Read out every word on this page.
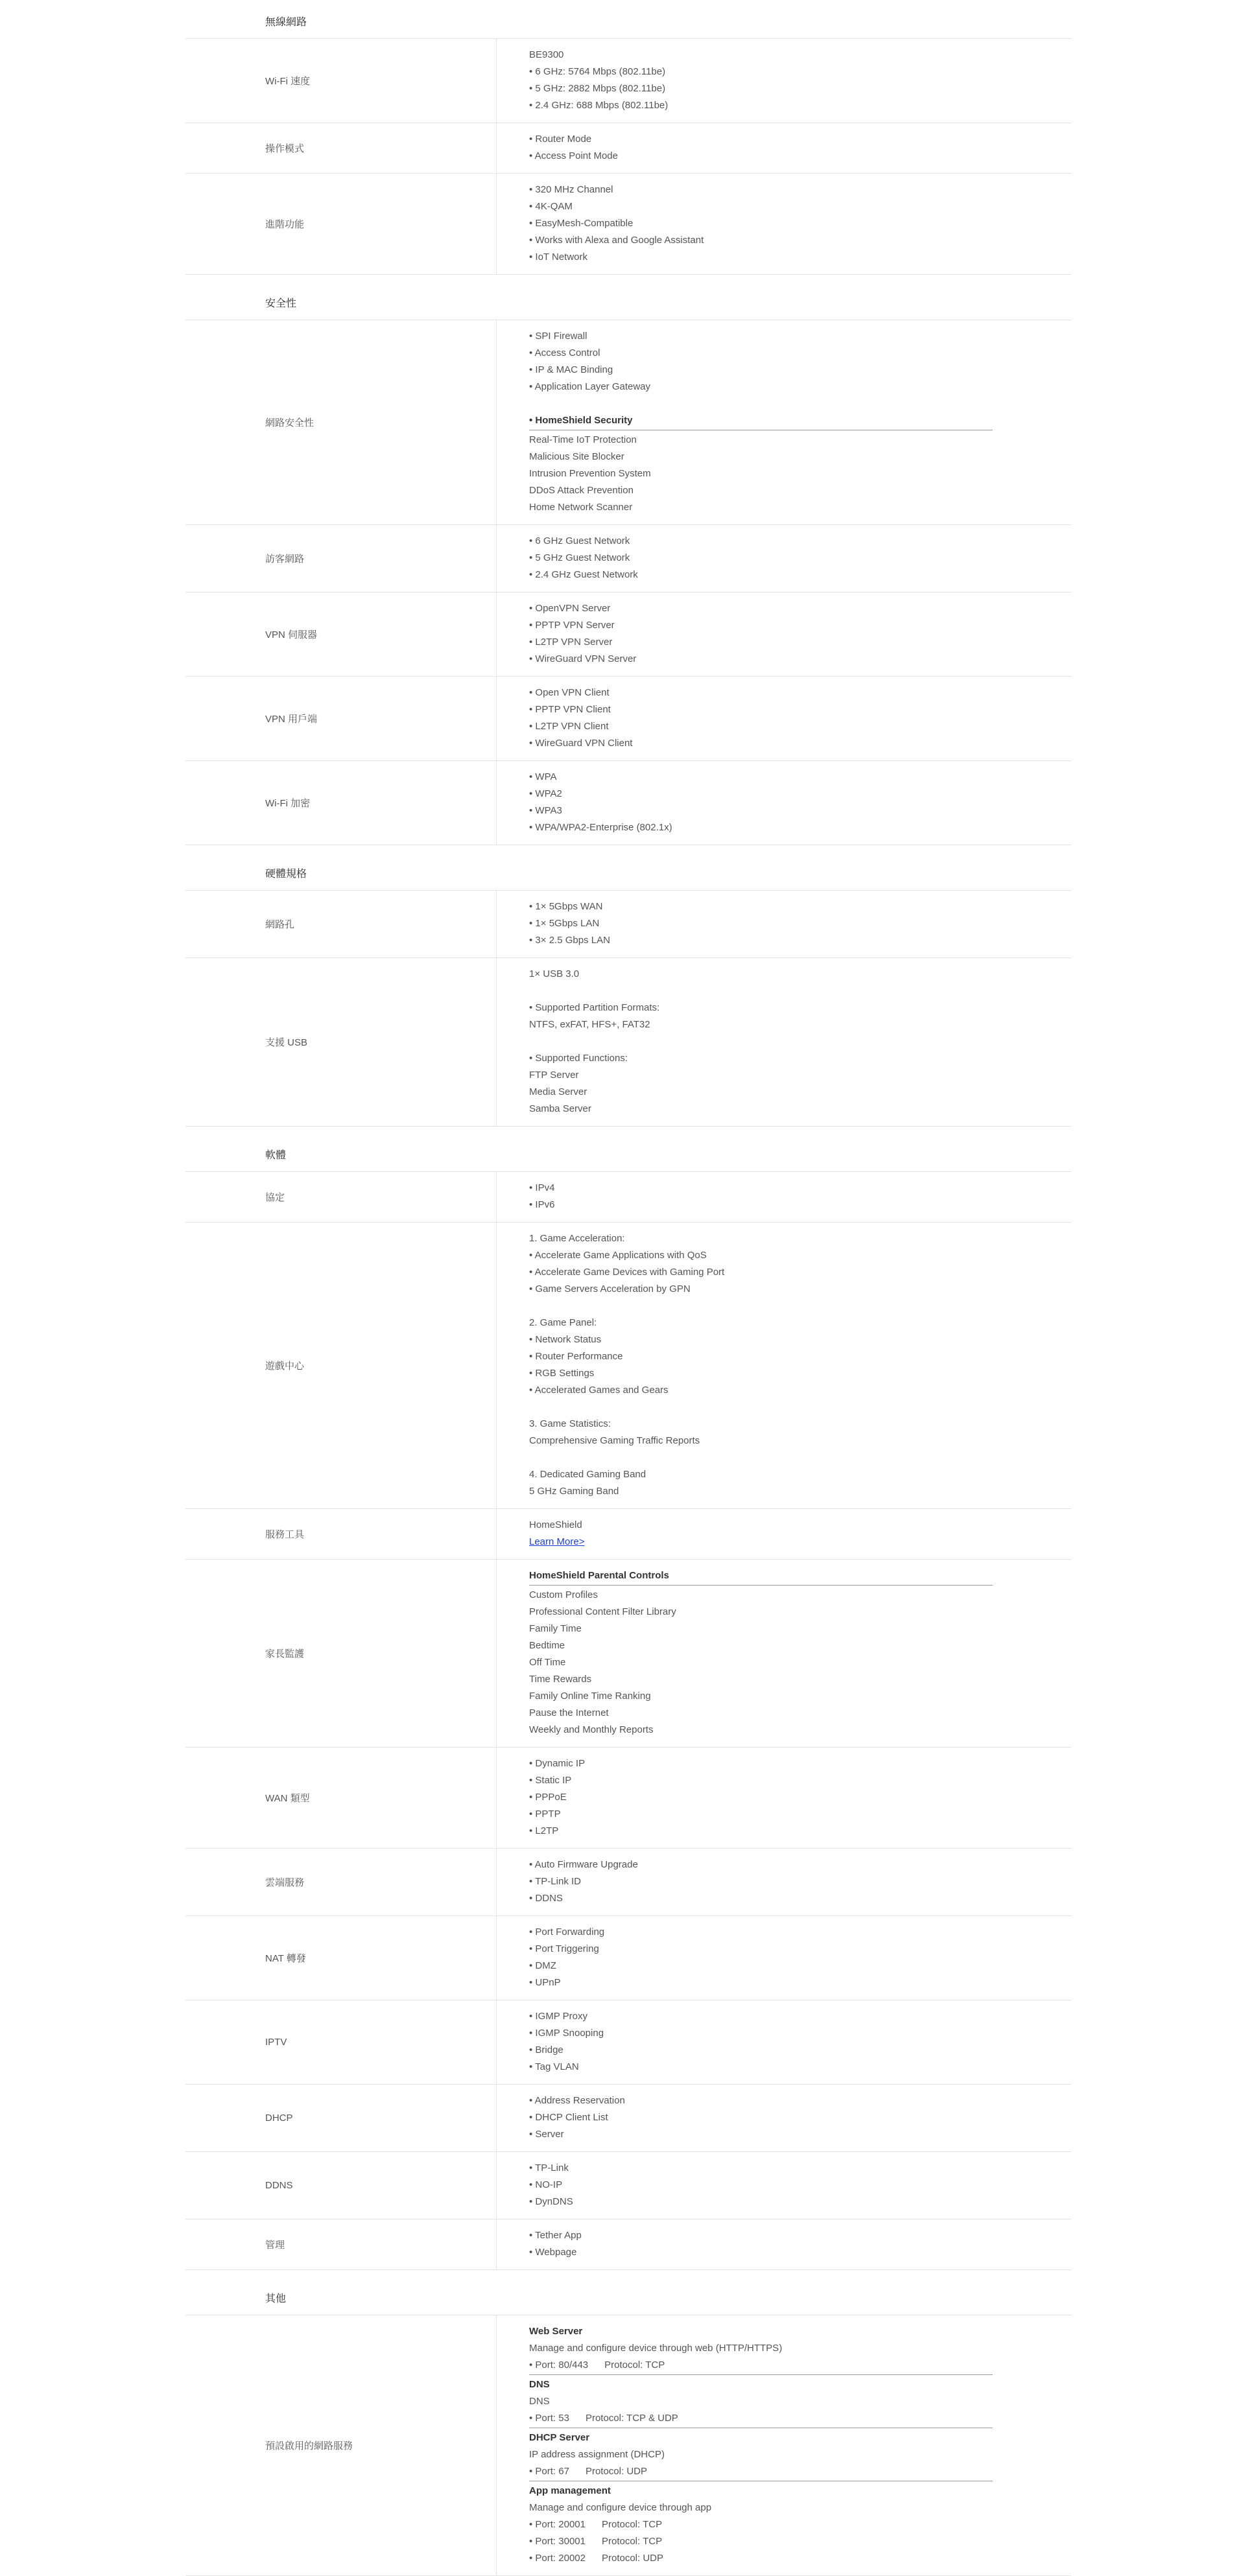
無線網路
Wi-Fi 速度
BE9300
• 6 GHz: 5764 Mbps (802.11be)
• 5 GHz: 2882 Mbps (802.11be)
• 2.4 GHz: 688 Mbps (802.11be)
操作模式
• Router Mode
• Access Point Mode
進階功能
• 320 MHz Channel
• 4K-QAM
• EasyMesh-Compatible
• Works with Alexa and Google Assistant
• IoT Network
安全性
網路安全性
• SPI Firewall
• Access Control
• IP & MAC Binding
• Application Layer Gateway
• HomeShield Security
Real-Time IoT Protection
Malicious Site Blocker
Intrusion Prevention System
DDoS Attack Prevention
Home Network Scanner
訪客網路
• 6 GHz Guest Network
• 5 GHz Guest Network
• 2.4 GHz Guest Network
VPN 伺服器
• OpenVPN Server
• PPTP VPN Server
• L2TP VPN Server
• WireGuard VPN Server
VPN 用戶端
• Open VPN Client
• PPTP VPN Client
• L2TP VPN Client
• WireGuard VPN Client
Wi-Fi 加密
• WPA
• WPA2
• WPA3
• WPA/WPA2-Enterprise (802.1x)
硬體規格
網路孔
• 1× 5Gbps WAN
• 1× 5Gbps LAN
• 3× 2.5 Gbps LAN
支援 USB
1× USB 3.0
• Supported Partition Formats:
NTFS, exFAT, HFS+, FAT32
• Supported Functions:
FTP Server
Media Server
Samba Server
軟體
協定
• IPv4
• IPv6
遊戲中心
1. Game Acceleration:
• Accelerate Game Applications with QoS
• Accelerate Game Devices with Gaming Port
• Game Servers Acceleration by GPN
2. Game Panel:
• Network Status
• Router Performance
• RGB Settings
• Accelerated Games and Gears
3. Game Statistics:
Comprehensive Gaming Traffic Reports
4. Dedicated Gaming Band
5 GHz Gaming Band
服務工具
HomeShield
Learn More>
家長監護
HomeShield Parental Controls
Custom Profiles
Professional Content Filter Library
Family Time
Bedtime
Off Time
Time Rewards
Family Online Time Ranking
Pause the Internet
Weekly and Monthly Reports
WAN 類型
• Dynamic IP
• Static IP
• PPPoE
• PPTP
• L2TP
雲端服務
• Auto Firmware Upgrade
• TP-Link ID
• DDNS
NAT 轉發
• Port Forwarding
• Port Triggering
• DMZ
• UPnP
IPTV
• IGMP Proxy
• IGMP Snooping
• Bridge
• Tag VLAN
DHCP
• Address Reservation
• DHCP Client List
• Server
DDNS
• TP-Link
• NO-IP
• DynDNS
管理
• Tether App
• Webpage
其他
預設啟用的網路服務
Web Server
Manage and configure device through web (HTTP/HTTPS)
• Port: 80/443      Protocol: TCP
DNS
DNS
• Port: 53      Protocol: TCP & UDP
DHCP Server
IP address assignment (DHCP)
• Port: 67      Protocol: UDP
App management
Manage and configure device through app
• Port: 20001      Protocol: TCP
• Port: 30001      Protocol: TCP
• Port: 20002      Protocol: UDP
